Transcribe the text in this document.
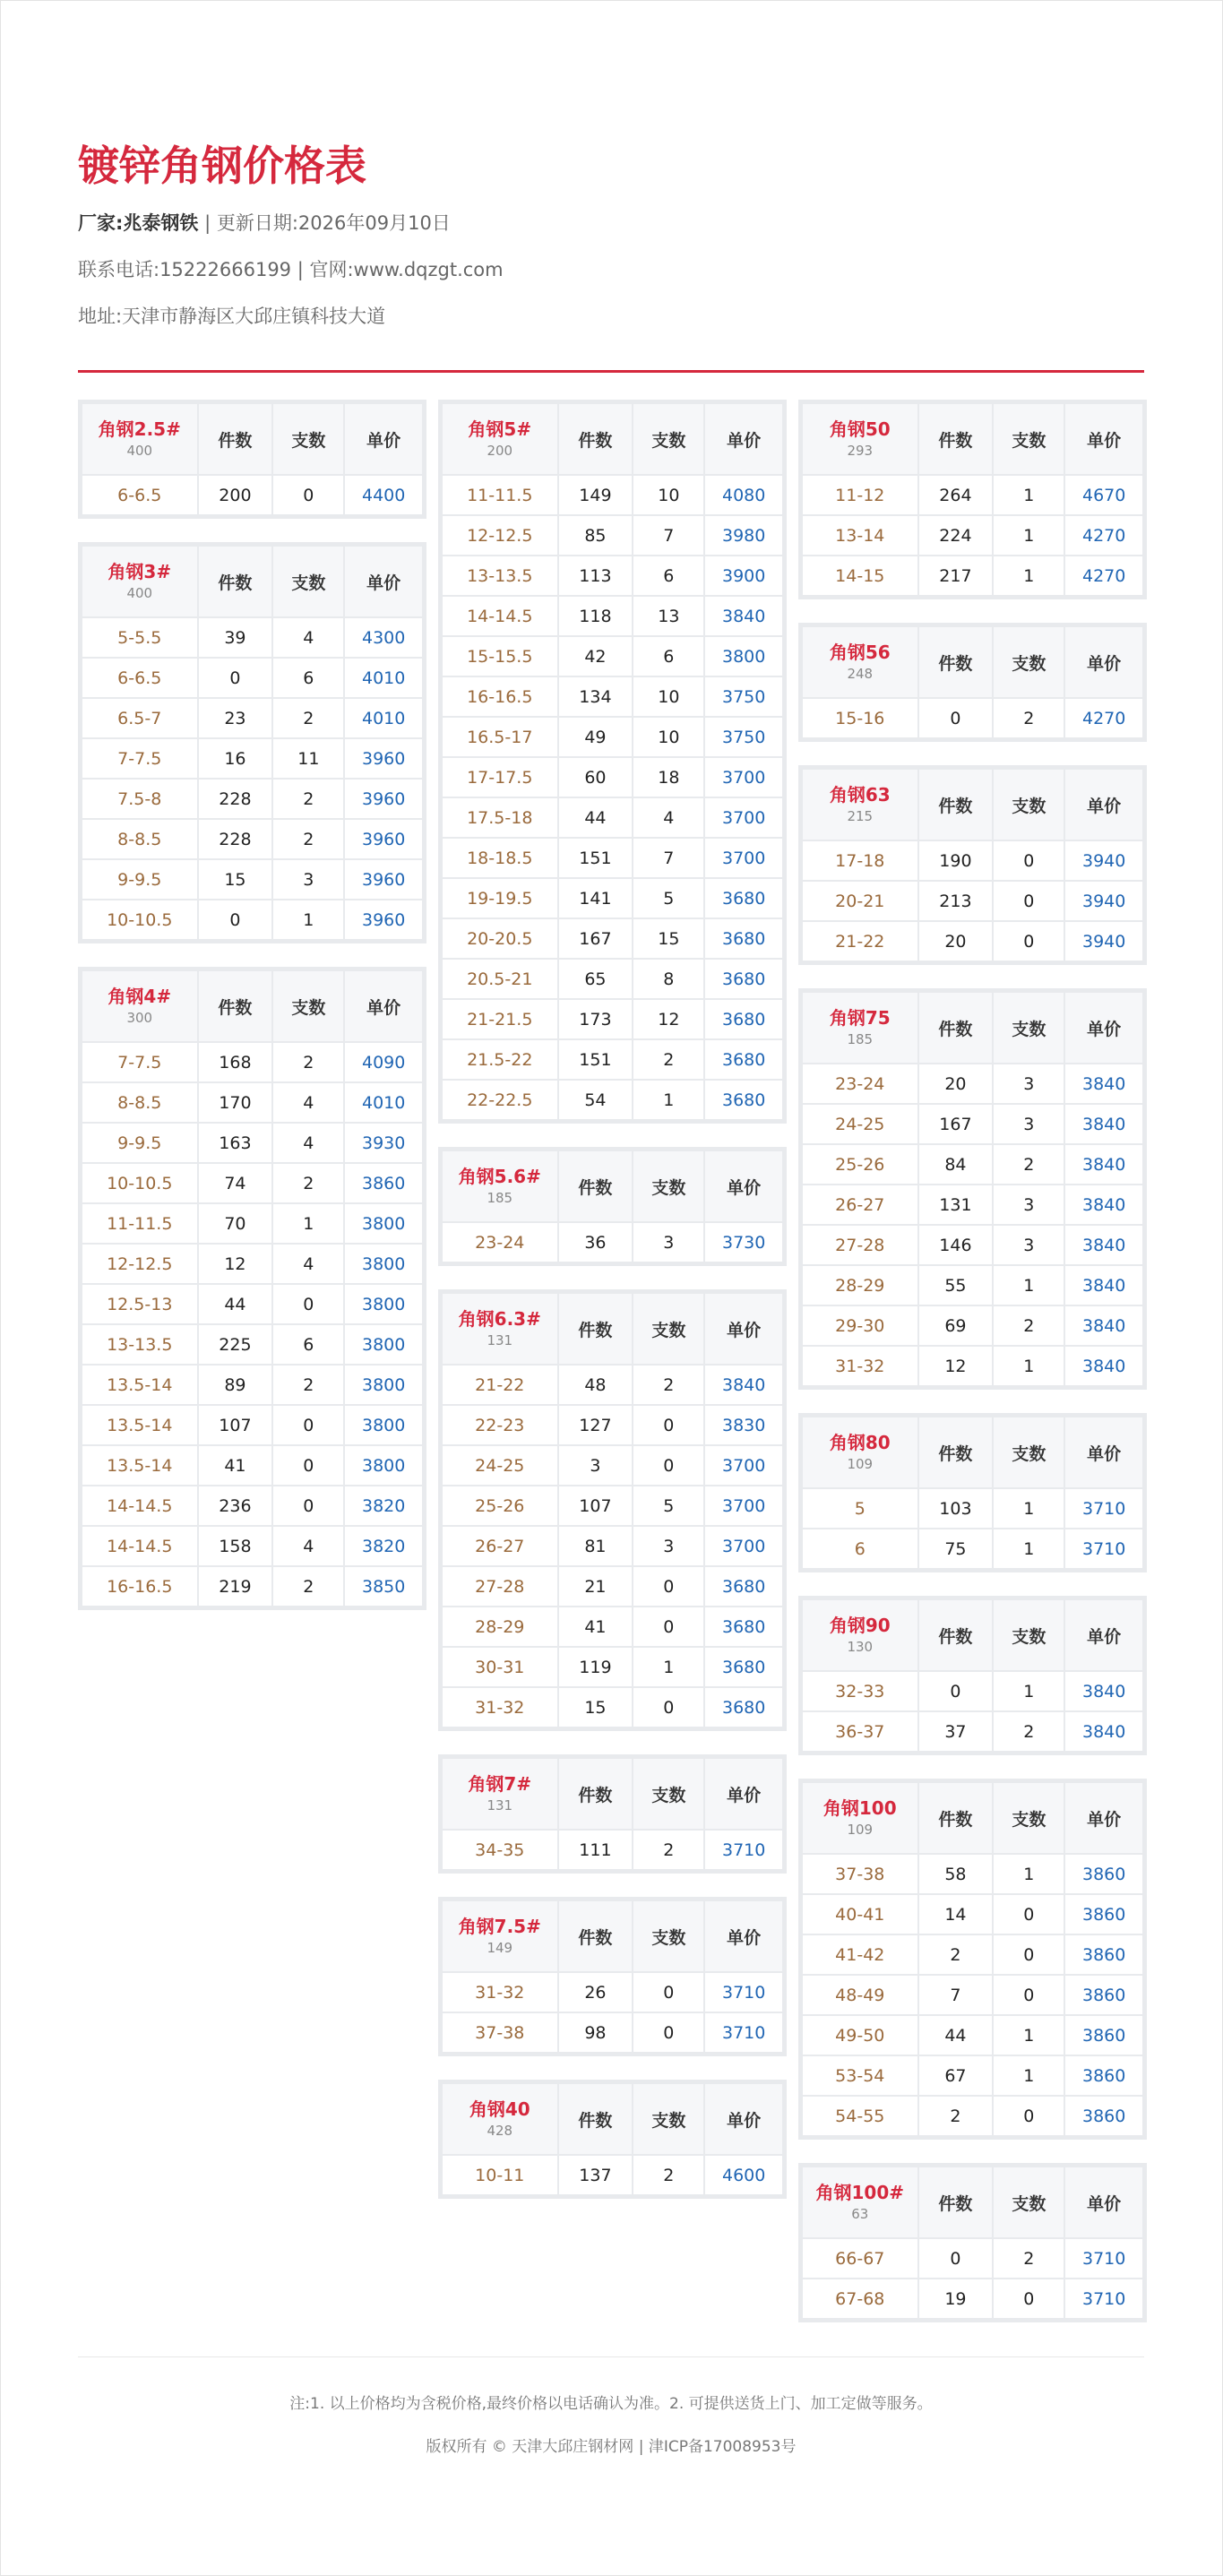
镀锌角钢价格表
厂家:兆泰钢铁 | 更新日期:2026年09月10日
联系电话:15222666199 | 官网:www.dqzgt.com
地址:天津市静海区大邱庄镇科技大道
角钢2.5#
400	件数	支数	单价
6-6.5	200	0	4400
角钢3#
400	件数	支数	单价
5-5.5	39	4	4300
6-6.5	0	6	4010
6.5-7	23	2	4010
7-7.5	16	11	3960
7.5-8	228	2	3960
8-8.5	228	2	3960
9-9.5	15	3	3960
10-10.5	0	1	3960
角钢4#
300	件数	支数	单价
7-7.5	168	2	4090
8-8.5	170	4	4010
9-9.5	163	4	3930
10-10.5	74	2	3860
11-11.5	70	1	3800
12-12.5	12	4	3800
12.5-13	44	0	3800
13-13.5	225	6	3800
13.5-14	89	2	3800
13.5-14	107	0	3800
13.5-14	41	0	3800
14-14.5	236	0	3820
14-14.5	158	4	3820
16-16.5	219	2	3850
角钢5#
200	件数	支数	单价
11-11.5	149	10	4080
12-12.5	85	7	3980
13-13.5	113	6	3900
14-14.5	118	13	3840
15-15.5	42	6	3800
16-16.5	134	10	3750
16.5-17	49	10	3750
17-17.5	60	18	3700
17.5-18	44	4	3700
18-18.5	151	7	3700
19-19.5	141	5	3680
20-20.5	167	15	3680
20.5-21	65	8	3680
21-21.5	173	12	3680
21.5-22	151	2	3680
22-22.5	54	1	3680
角钢5.6#
185	件数	支数	单价
23-24	36	3	3730
角钢6.3#
131	件数	支数	单价
21-22	48	2	3840
22-23	127	0	3830
24-25	3	0	3700
25-26	107	5	3700
26-27	81	3	3700
27-28	21	0	3680
28-29	41	0	3680
30-31	119	1	3680
31-32	15	0	3680
角钢7#
131	件数	支数	单价
34-35	111	2	3710
角钢7.5#
149	件数	支数	单价
31-32	26	0	3710
37-38	98	0	3710
角钢40
428	件数	支数	单价
10-11	137	2	4600
角钢50
293	件数	支数	单价
11-12	264	1	4670
13-14	224	1	4270
14-15	217	1	4270
角钢56
248	件数	支数	单价
15-16	0	2	4270
角钢63
215	件数	支数	单价
17-18	190	0	3940
20-21	213	0	3940
21-22	20	0	3940
角钢75
185	件数	支数	单价
23-24	20	3	3840
24-25	167	3	3840
25-26	84	2	3840
26-27	131	3	3840
27-28	146	3	3840
28-29	55	1	3840
29-30	69	2	3840
31-32	12	1	3840
角钢80
109	件数	支数	单价
5	103	1	3710
6	75	1	3710
角钢90
130	件数	支数	单价
32-33	0	1	3840
36-37	37	2	3840
角钢100
109	件数	支数	单价
37-38	58	1	3860
40-41	14	0	3860
41-42	2	0	3860
48-49	7	0	3860
49-50	44	1	3860
53-54	67	1	3860
54-55	2	0	3860
角钢100#
63	件数	支数	单价
66-67	0	2	3710
67-68	19	0	3710
注:1. 以上价格均为含税价格,最终价格以电话确认为准。2. 可提供送货上门、加工定做等服务。
版权所有 © 天津大邱庄钢材网 | 津ICP备17008953号
